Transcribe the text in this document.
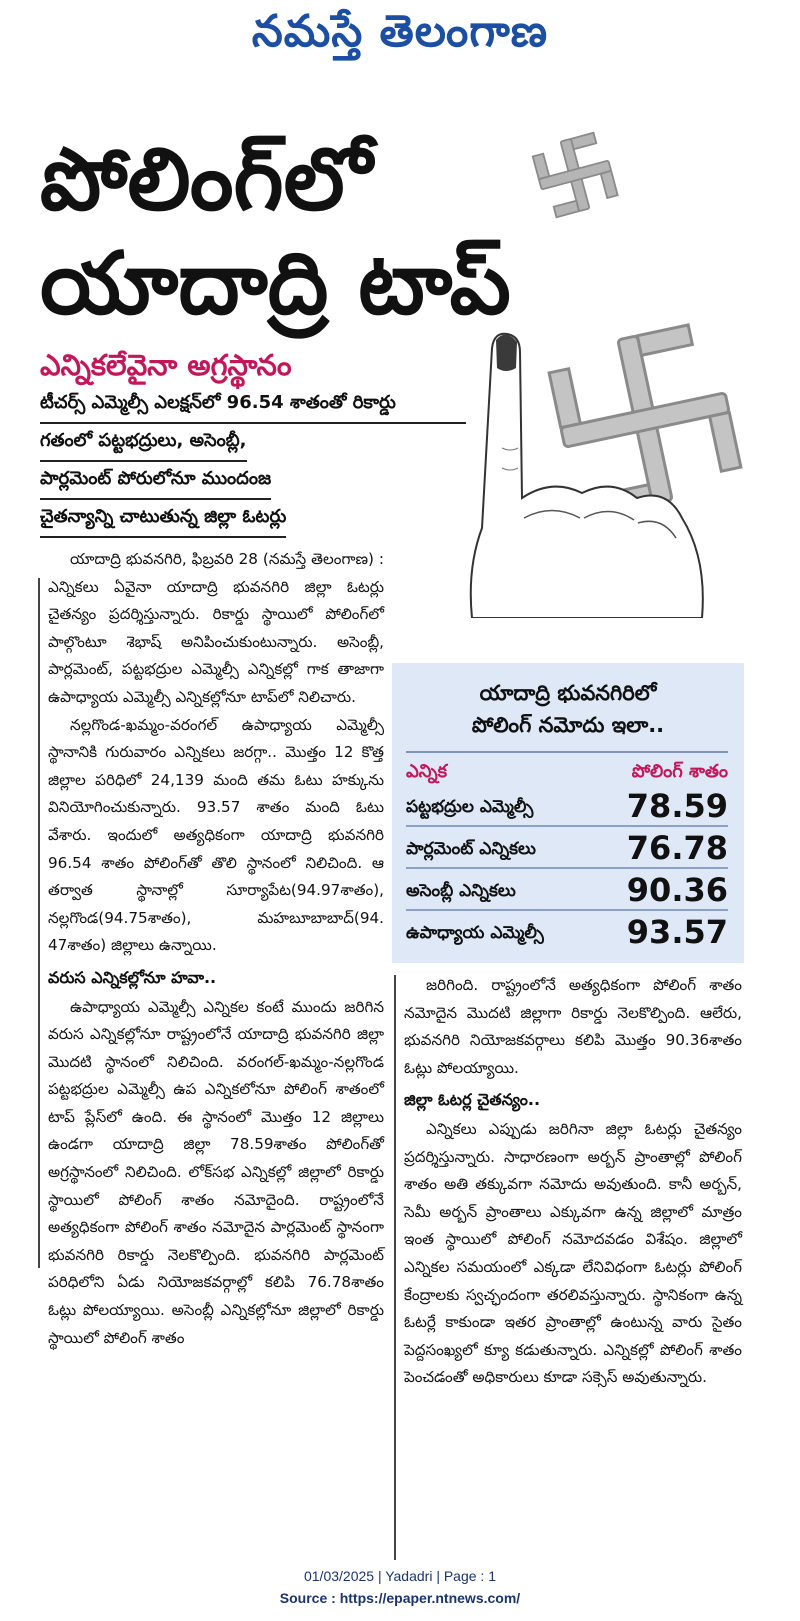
నమస్తే తెలంగాణ
పోలింగ్‌లో
యాదాద్రి టాప్
ఎన్నికలేవైనా అగ్రస్థానం
టీచర్స్ ఎమ్మెల్సీ ఎలక్షన్‌లో 96.54 శాతంతో రికార్డు
గతంలో పట్టభద్రులు, అసెంబ్లీ,
పార్లమెంట్ పోరులోనూ ముందంజ
చైతన్యాన్ని చాటుతున్న జిల్లా ఓటర్లు

యాదాద్రి భువనగిరి, ఫిబ్రవరి 28 (నమస్తే తెలంగాణ) : ఎన్నికలు ఏవైనా యాదాద్రి భువనగిరి జిల్లా ఓటర్లు చైతన్యం ప్రదర్శిస్తున్నారు. రికార్డు స్థాయిలో పోలింగ్‌లో పాల్గొంటూ శెభాష్ అనిపించుకుంటున్నారు. అసెంబ్లీ, పార్లమెంట్, పట్టభద్రుల ఎమ్మెల్సీ ఎన్నికల్లో గాక తాజాగా ఉపాధ్యాయ ఎమ్మెల్సీ ఎన్నికల్లోనూ టాప్‌లో నిలిచారు.

నల్లగొండ-ఖమ్మం-వరంగల్ ఉపాధ్యాయ ఎమ్మెల్సీ స్థానానికి గురువారం ఎన్నికలు జరగ్గా.. మొత్తం 12 కొత్త జిల్లాల పరిధిలో 24,139 మంది తమ ఓటు హక్కును వినియోగించుకున్నారు. 93.57 శాతం మంది ఓటు వేశారు. ఇందులో అత్యధికంగా యాదాద్రి భువనగిరి 96.54 శాతం పోలింగ్‌తో తొలి స్థానంలో నిలిచింది. ఆ తర్వాత స్థానాల్లో సూర్యాపేట(94.97శాతం), నల్లగొండ(94.75శాతం), మహబూబాబాద్(94. 47శాతం) జిల్లాలు ఉన్నాయి.

వరుస ఎన్నికల్లోనూ హవా..

ఉపాధ్యాయ ఎమ్మెల్సీ ఎన్నికల కంటే ముందు జరిగిన వరుస ఎన్నికల్లోనూ రాష్ట్రంలోనే యాదాద్రి భువనగిరి జిల్లా మొదటి స్థానంలో నిలిచింది. వరంగల్-ఖమ్మం-నల్లగొండ పట్టభద్రుల ఎమ్మెల్సీ ఉప ఎన్నికలోనూ పోలింగ్ శాతంలో టాప్ ప్లేస్‌లో ఉంది. ఈ స్థానంలో మొత్తం 12 జిల్లాలు ఉండగా యాదాద్రి జిల్లా 78.59శాతం పోలింగ్‌తో అగ్రస్థానంలో నిలిచింది. లోక్‌సభ ఎన్నికల్లో జిల్లాలో రికార్డు స్థాయిలో పోలింగ్ శాతం నమోదైంది. రాష్ట్రంలోనే అత్యధికంగా పోలింగ్ శాతం నమోదైన పార్లమెంట్ స్థానంగా భువనగిరి రికార్డు నెలకొల్పింది. భువనగిరి పార్లమెంట్ పరిధిలోని ఏడు నియోజకవర్గాల్లో కలిపి 76.78శాతం ఓట్లు పోలయ్యాయి. అసెంబ్లీ ఎన్నికల్లోనూ జిల్లాలో రికార్డు స్థాయిలో పోలింగ్ శాతం

యాదాద్రి భువనగిరిలో
పోలింగ్ నమోదు ఇలా..
ఎన్నిక	పోలింగ్ శాతం
పట్టభద్రుల ఎమ్మెల్సీ	78.59
పార్లమెంట్ ఎన్నికలు	76.78
అసెంబ్లీ ఎన్నికలు	90.36
ఉపాధ్యాయ ఎమ్మెల్సీ	93.57

జరిగింది. రాష్ట్రంలోనే అత్యధికంగా పోలింగ్ శాతం నమోదైన మొదటి జిల్లాగా రికార్డు నెలకొల్పింది. ఆలేరు, భువనగిరి నియోజకవర్గాలు కలిపి మొత్తం 90.36శాతం ఓట్లు పోలయ్యాయి.

జిల్లా ఓటర్ల చైతన్యం..

ఎన్నికలు ఎప్పుడు జరిగినా జిల్లా ఓటర్లు చైతన్యం ప్రదర్శిస్తున్నారు. సాధారణంగా అర్బన్ ప్రాంతాల్లో పోలింగ్ శాతం అతి తక్కువగా నమోదు అవుతుంది. కానీ అర్బన్, సెమీ అర్బన్ ప్రాంతాలు ఎక్కువగా ఉన్న జిల్లాలో మాత్రం ఇంత స్థాయిలో పోలింగ్ నమోదవడం విశేషం. జిల్లాలో ఎన్నికల సమయంలో ఎక్కడా లేనివిధంగా ఓటర్లు పోలింగ్ కేంద్రాలకు స్వచ్ఛందంగా తరలివస్తున్నారు. స్థానికంగా ఉన్న ఓటర్లే కాకుండా ఇతర ప్రాంతాల్లో ఉంటున్న వారు సైతం పెద్దసంఖ్యలో క్యూ కడుతున్నారు. ఎన్నికల్లో పోలింగ్ శాతం పెంచడంతో అధికారులు కూడా సక్సెస్ అవుతున్నారు.

01/03/2025 | Yadadri | Page : 1
Source : https://epaper.ntnews.com/
